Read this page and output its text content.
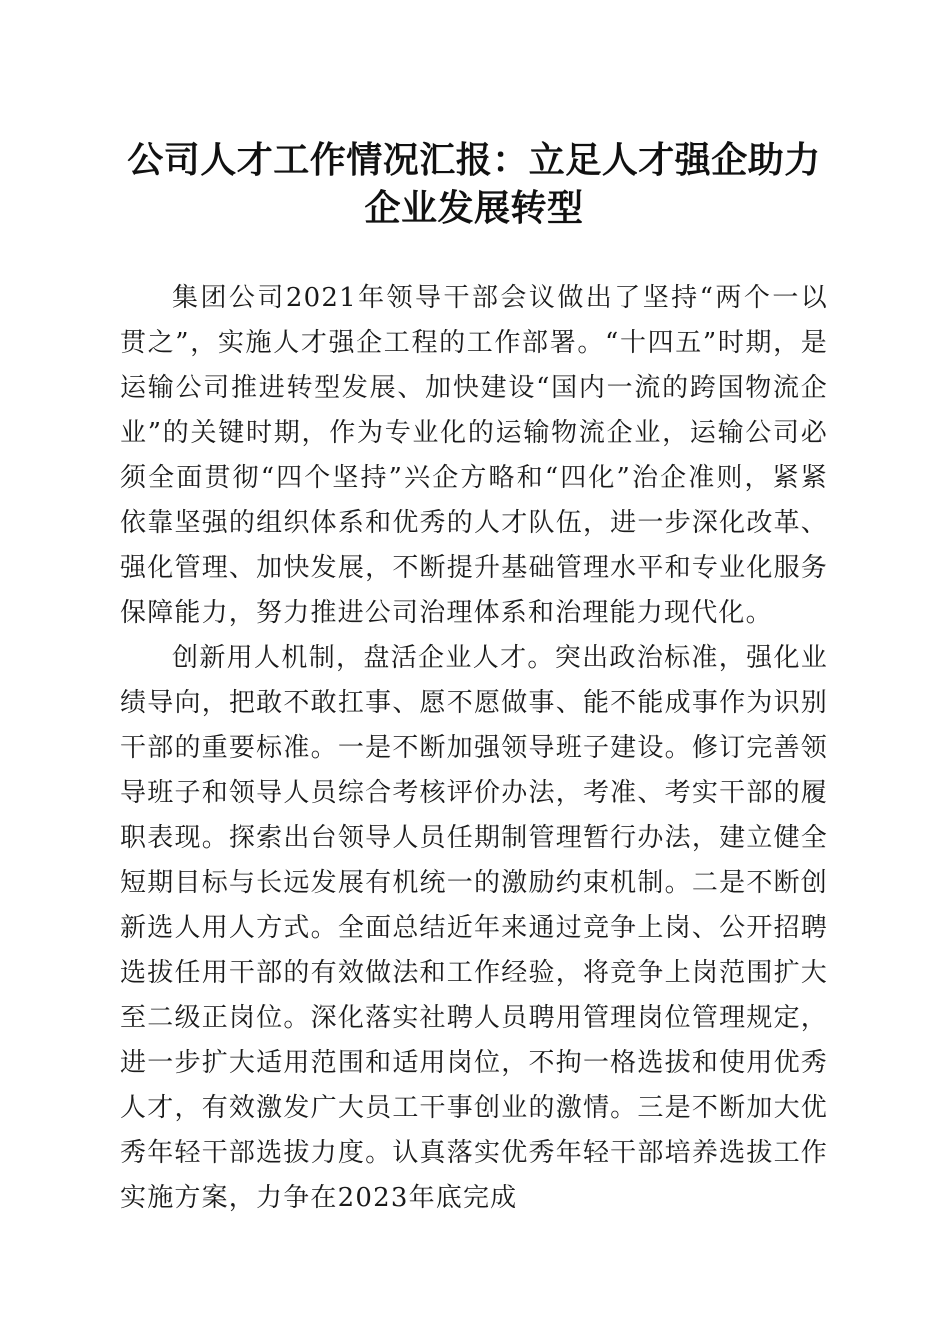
公司人才工作情况汇报：立足人才强企助力企业发展转型

集团公司2021年领导干部会议做出了坚持“两个一以贯之”，实施人才强企工程的工作部署。“十四五”时期，是运输公司推进转型发展、加快建设“国内一流的跨国物流企业”的关键时期，作为专业化的运输物流企业，运输公司必须全面贯彻“四个坚持”兴企方略和“四化”治企准则，紧紧依靠坚强的组织体系和优秀的人才队伍，进一步深化改革、强化管理、加快发展，不断提升基础管理水平和专业化服务保障能力，努力推进公司治理体系和治理能力现代化。

创新用人机制，盘活企业人才。突出政治标准，强化业绩导向，把敢不敢扛事、愿不愿做事、能不能成事作为识别干部的重要标准。一是不断加强领导班子建设。修订完善领导班子和领导人员综合考核评价办法，考准、考实干部的履职表现。探索出台领导人员任期制管理暂行办法，建立健全短期目标与长远发展有机统一的激励约束机制。二是不断创新选人用人方式。全面总结近年来通过竞争上岗、公开招聘选拔任用干部的有效做法和工作经验，将竞争上岗范围扩大至二级正岗位。深化落实社聘人员聘用管理岗位管理规定，进一步扩大适用范围和适用岗位，不拘一格选拔和使用优秀人才，有效激发广大员工干事创业的激情。三是不断加大优秀年轻干部选拔力度。认真落实优秀年轻干部培养选拔工作实施方案，力争在2023年底完成
